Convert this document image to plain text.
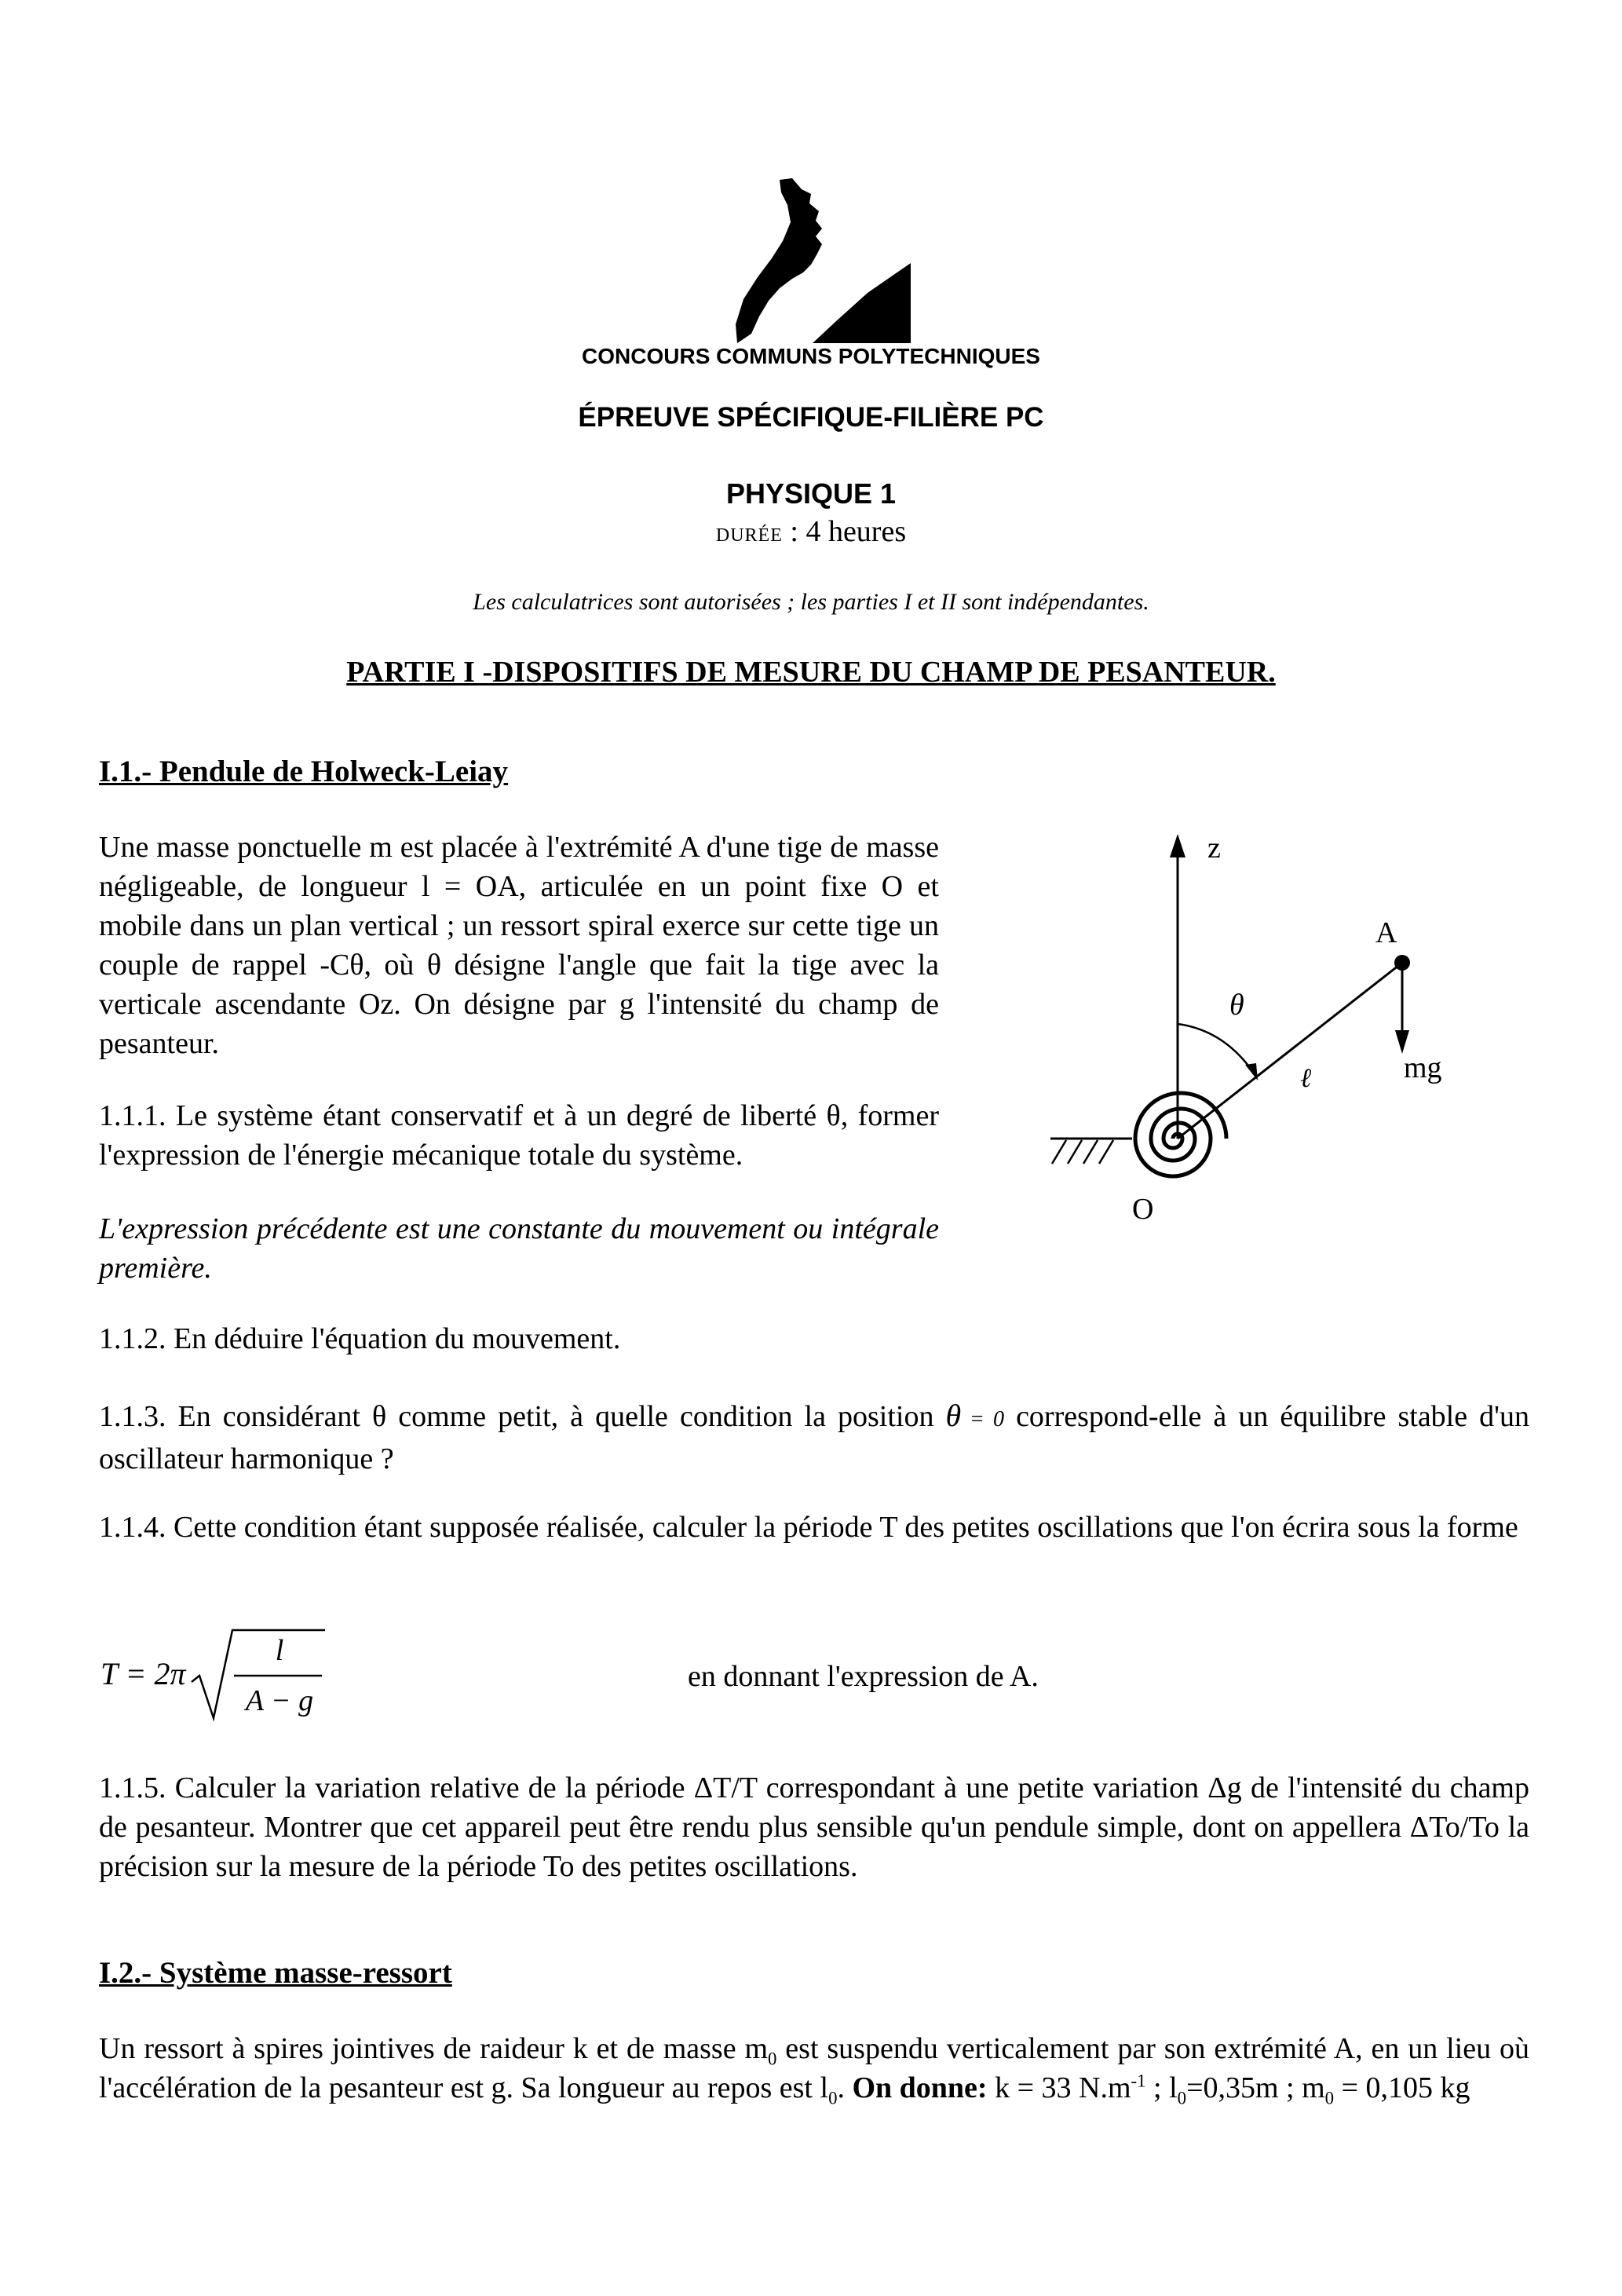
CONCOURS COMMUNS POLYTECHNIQUES
ÉPREUVE SPÉCIFIQUE-FILIÈRE PC
PHYSIQUE 1
DURÉE : 4 heures
Les calculatrices sont autorisées ; les parties I et II sont indépendantes.
PARTIE I -DISPOSITIFS DE MESURE DU CHAMP DE PESANTEUR.
I.1.- Pendule de Holweck-Leiay
Une masse ponctuelle m est placée à l'extrémité A d'une tige de masse négligeable, de longueur l = OA, articulée en un point fixe O et mobile dans un plan vertical ; un ressort spiral exerce sur cette tige un couple de rappel -Cθ, où θ désigne l'angle que fait la tige avec la verticale ascendante Oz. On désigne par g l'intensité du champ de pesanteur.
1.1.1. Le système étant conservatif et à un degré de liberté θ, former l'expression de l'énergie mécanique totale du système.
L'expression précédente est une constante du mouvement ou intégrale première.
1.1.2. En déduire l'équation du mouvement.
1.1.3. En considérant θ comme petit, à quelle condition la position θ = 0 correspond-elle à un équilibre stable d'un oscillateur harmonique ?
1.1.4. Cette condition étant supposée réalisée, calculer la période T des petites oscillations que l'on écrira sous la forme
T = 2π
l
A − g
en donnant l'expression de A.
1.1.5. Calculer la variation relative de la période ΔT/T correspondant à une petite variation Δg de l'intensité du champ de pesanteur. Montrer que cet appareil peut être rendu plus sensible qu'un pendule simple, dont on appellera ΔTo/To la précision sur la mesure de la période To des petites oscillations.
I.2.- Système masse-ressort
Un ressort à spires jointives de raideur k et de masse $m_0$ est suspendu verticalement par son extrémité A, en un lieu où l'accélération de la pesanteur est g. Sa longueur au repos est $l_0$. On donne: k = 33 $N.m^{-1}$ ; $l_0=0,35m$ ; $m_0 = 0,105$ kg
z
A
θ
ℓ	mg
O
